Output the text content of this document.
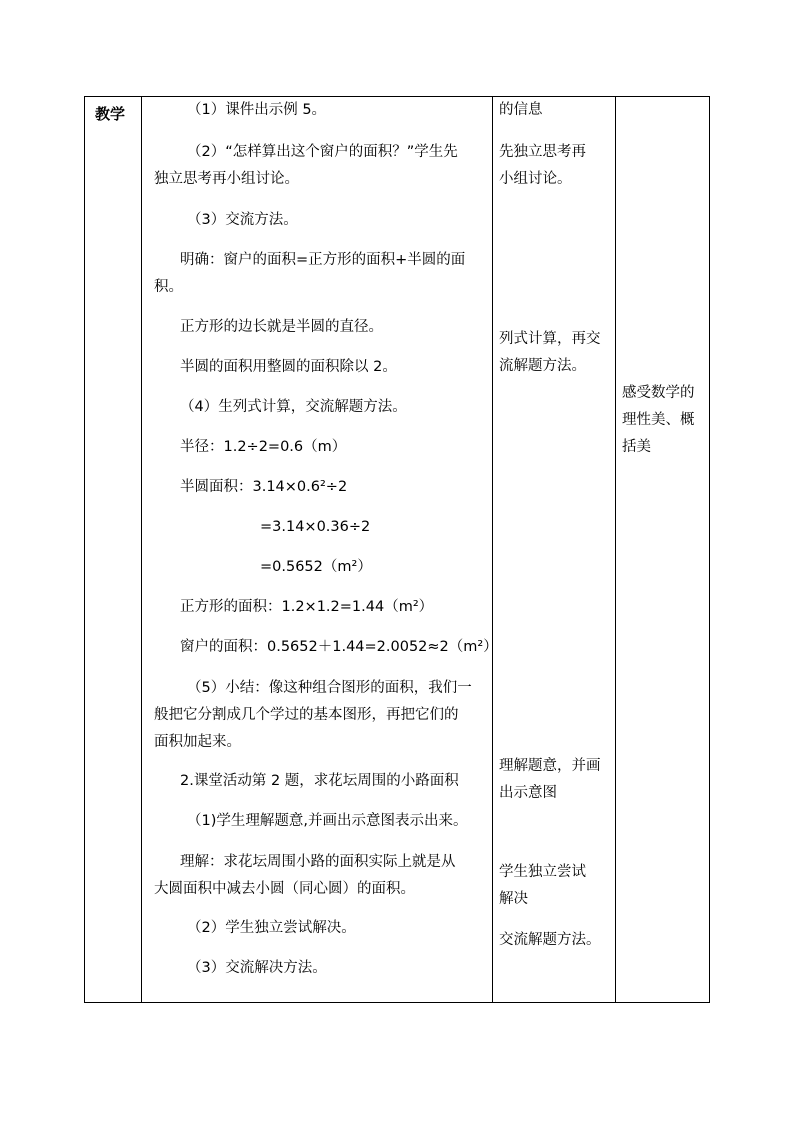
教学	（1）课件出示例 5。
（2）“怎样算出这个窗户的面积？”学生先
独立思考再小组讨论。
（3）交流方法。
明确：窗户的面积=正方形的面积+半圆的面
积。
正方形的边长就是半圆的直径。
半圆的面积用整圆的面积除以 2。
（4）生列式计算，交流解题方法。
半径：1.2÷2=0.6（m）
半圆面积：3.14×0.6²÷2
=3.14×0.36÷2
=0.5652（m²）
正方形的面积：1.2×1.2=1.44（m²）
窗户的面积：0.5652＋1.44=2.0052≈2（m²）
（5）小结：像这种组合图形的面积，我们一
般把它分割成几个学过的基本图形，再把它们的
面积加起来。
2.课堂活动第 2 题，求花坛周围的小路面积
（1)学生理解题意,并画出示意图表示出来。
理解：求花坛周围小路的面积实际上就是从
大圆面积中减去小圆（同心圆）的面积。
（2）学生独立尝试解决。
（3）交流解决方法。
的信息
先独立思考再
小组讨论。
列式计算，再交
流解题方法。
理解题意，并画
出示意图
学生独立尝试
解决
交流解题方法。
感受数学的
理性美、概
括美
